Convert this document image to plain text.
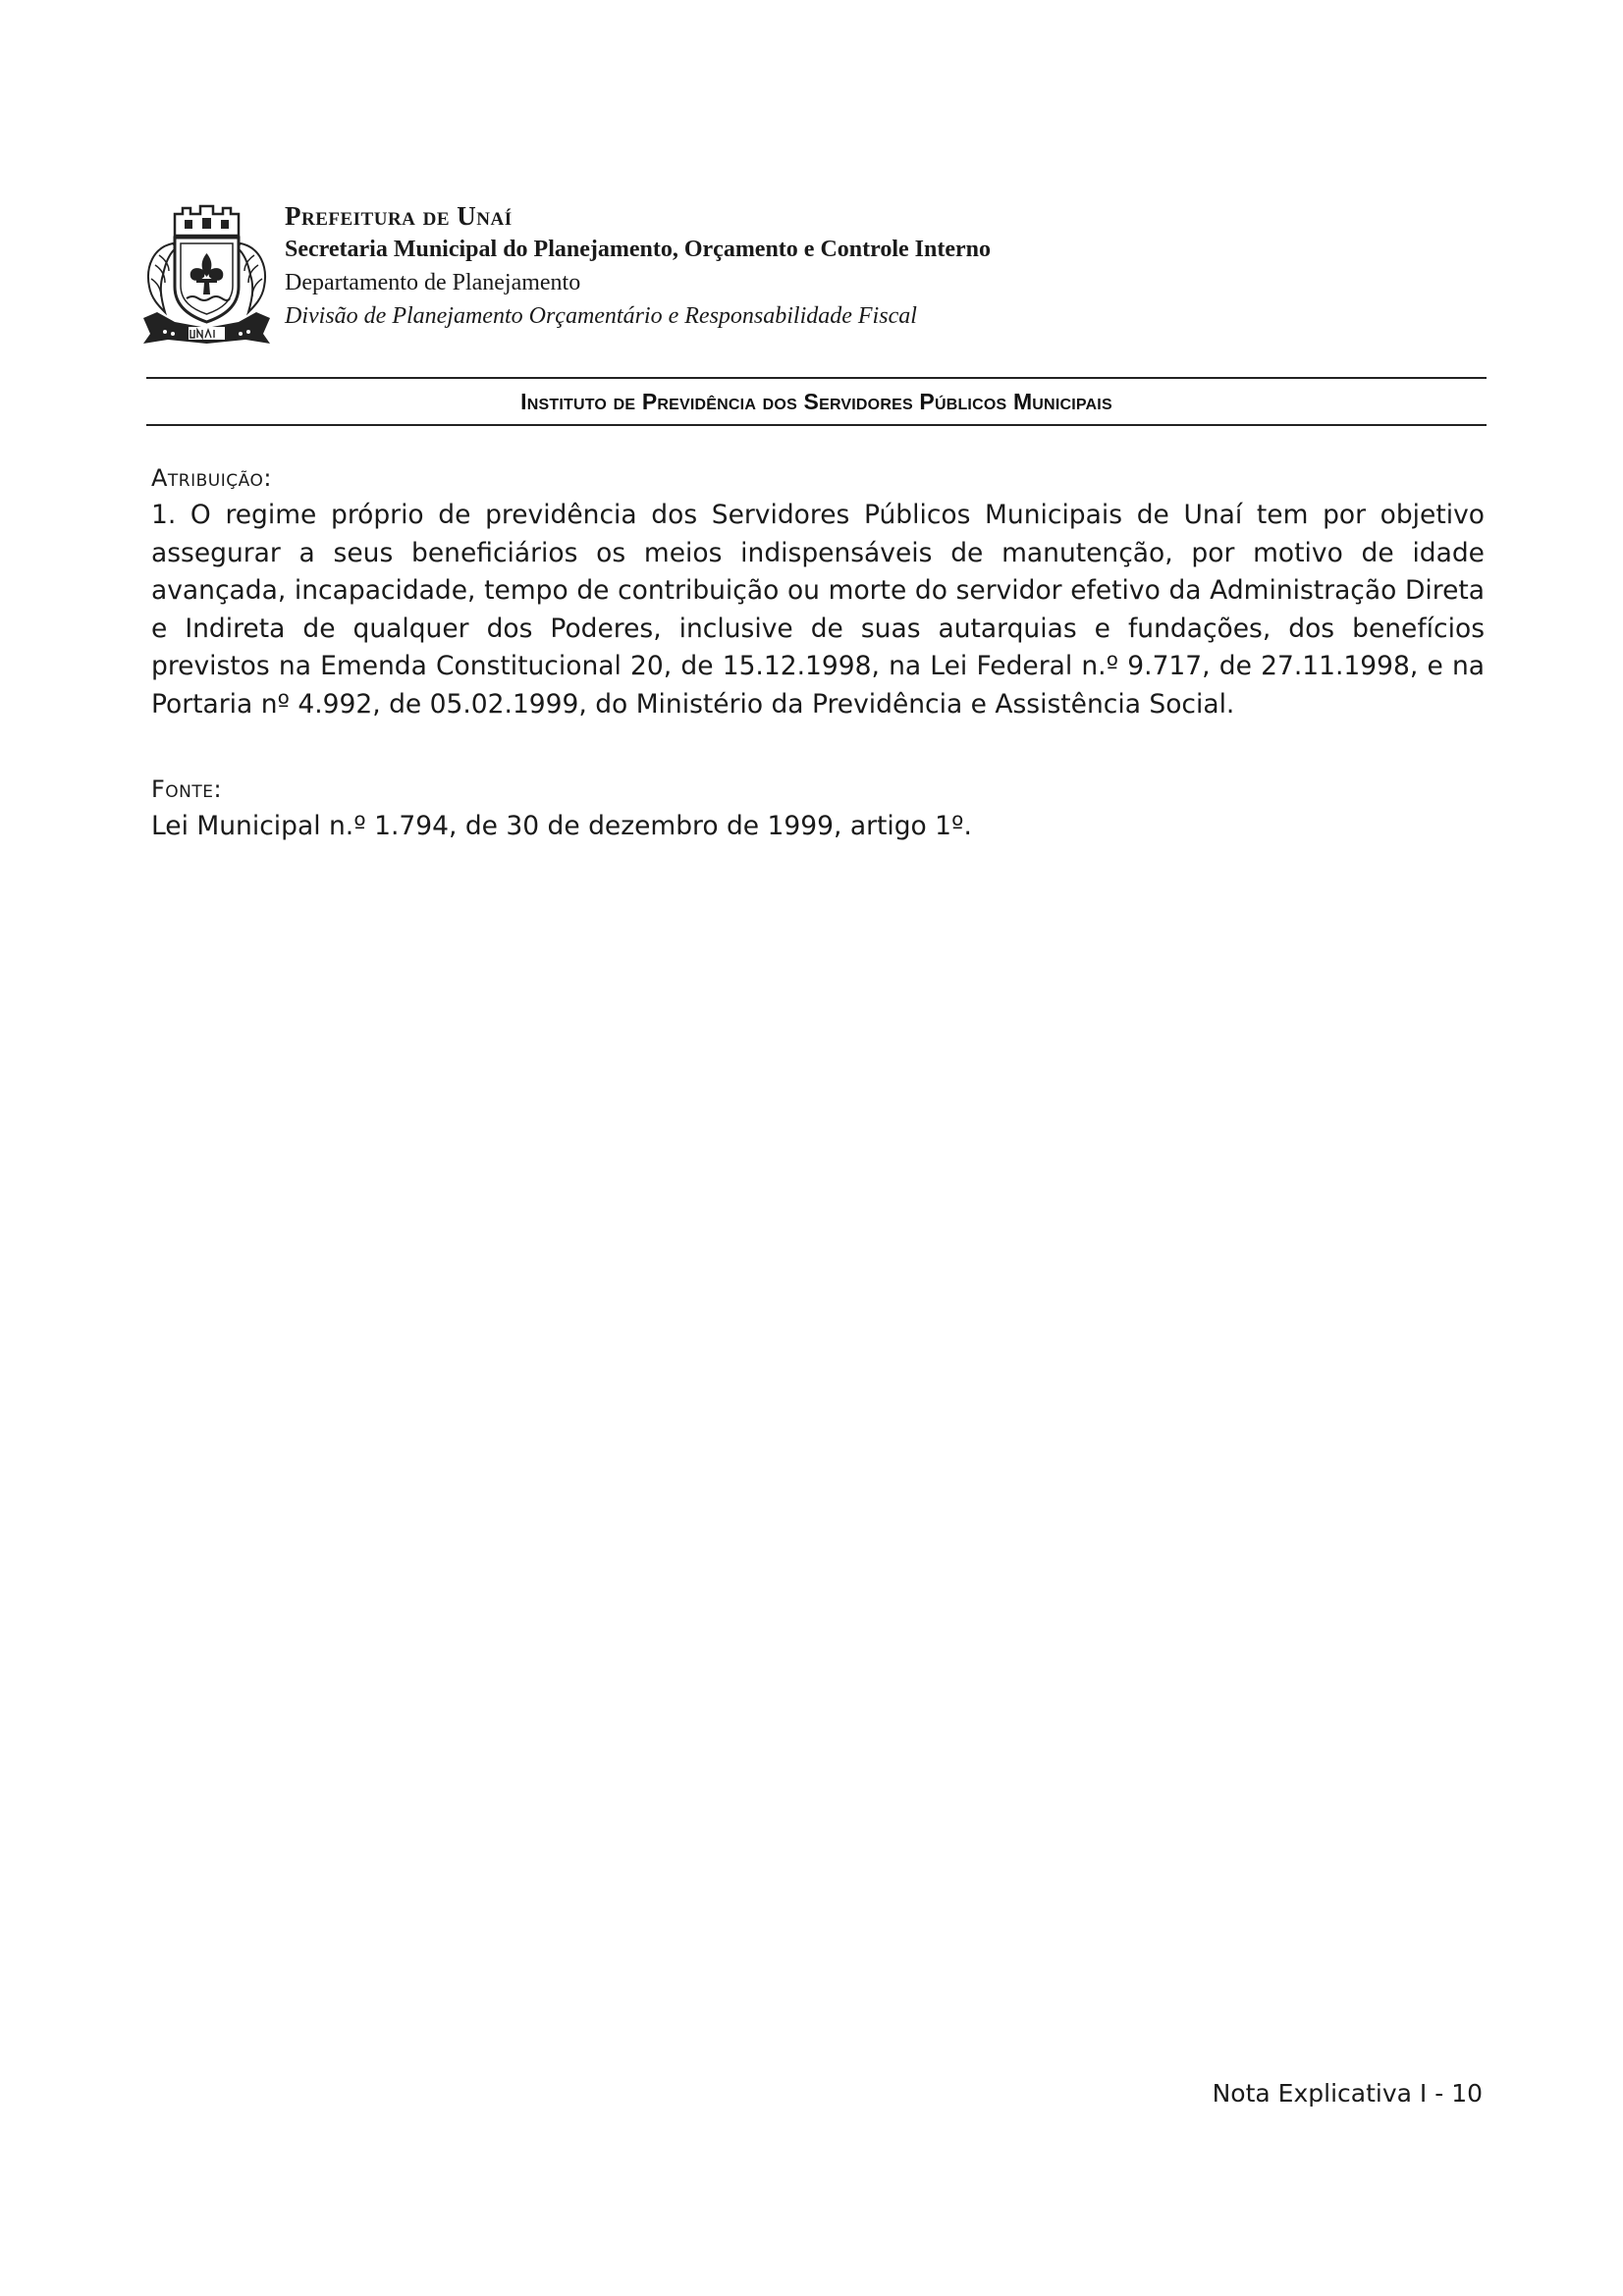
Prefeitura de Unaí
Secretaria Municipal do Planejamento, Orçamento e Controle Interno
Departamento de Planejamento
Divisão de Planejamento Orçamentário e Responsabilidade Fiscal
Instituto de Previdência dos Servidores Públicos Municipais
Atribuição:
1. O regime próprio de previdência dos Servidores Públicos Municipais de Unaí tem por objetivo assegurar a seus beneficiários os meios indispensáveis de manutenção, por motivo de idade avançada, incapacidade, tempo de contribuição ou morte do servidor efetivo da Administração Direta e Indireta de qualquer dos Poderes, inclusive de suas autarquias e fundações, dos benefícios previstos na Emenda Constitucional 20, de 15.12.1998, na Lei Federal n.º 9.717, de 27.11.1998, e na Portaria nº 4.992, de 05.02.1999, do Ministério da Previdência e Assistência Social.
Fonte:
Lei Municipal n.º 1.794, de 30 de dezembro de 1999, artigo 1º.
Nota Explicativa I - 10
